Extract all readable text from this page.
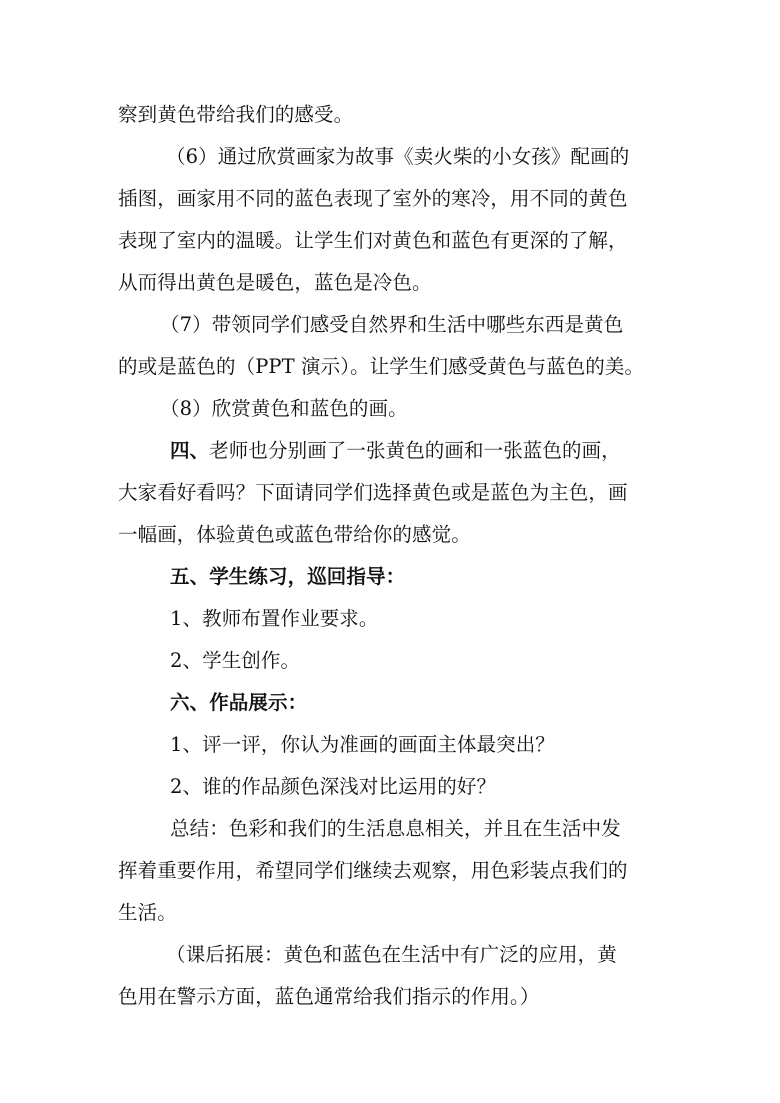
察到黄色带给我们的感受。
（6）通过欣赏画家为故事《卖火柴的小女孩》配画的
插图，画家用不同的蓝色表现了室外的寒冷，用不同的黄色
表现了室内的温暖。让学生们对黄色和蓝色有更深的了解，
从而得出黄色是暖色，蓝色是冷色。
（7）带领同学们感受自然界和生活中哪些东西是黄色
的或是蓝色的（PPT 演示）。让学生们感受黄色与蓝色的美。
（8）欣赏黄色和蓝色的画。
四、老师也分别画了一张黄色的画和一张蓝色的画，
大家看好看吗？下面请同学们选择黄色或是蓝色为主色，画
一幅画，体验黄色或蓝色带给你的感觉。
五、学生练习，巡回指导：
1、教师布置作业要求。
2、学生创作。
六、作品展示：
1、评一评，你认为准画的画面主体最突出？
2、谁的作品颜色深浅对比运用的好？
总结：色彩和我们的生活息息相关，并且在生活中发
挥着重要作用，希望同学们继续去观察，用色彩装点我们的
生活。
（课后拓展：黄色和蓝色在生活中有广泛的应用，黄
色用在警示方面，蓝色通常给我们指示的作用。）
